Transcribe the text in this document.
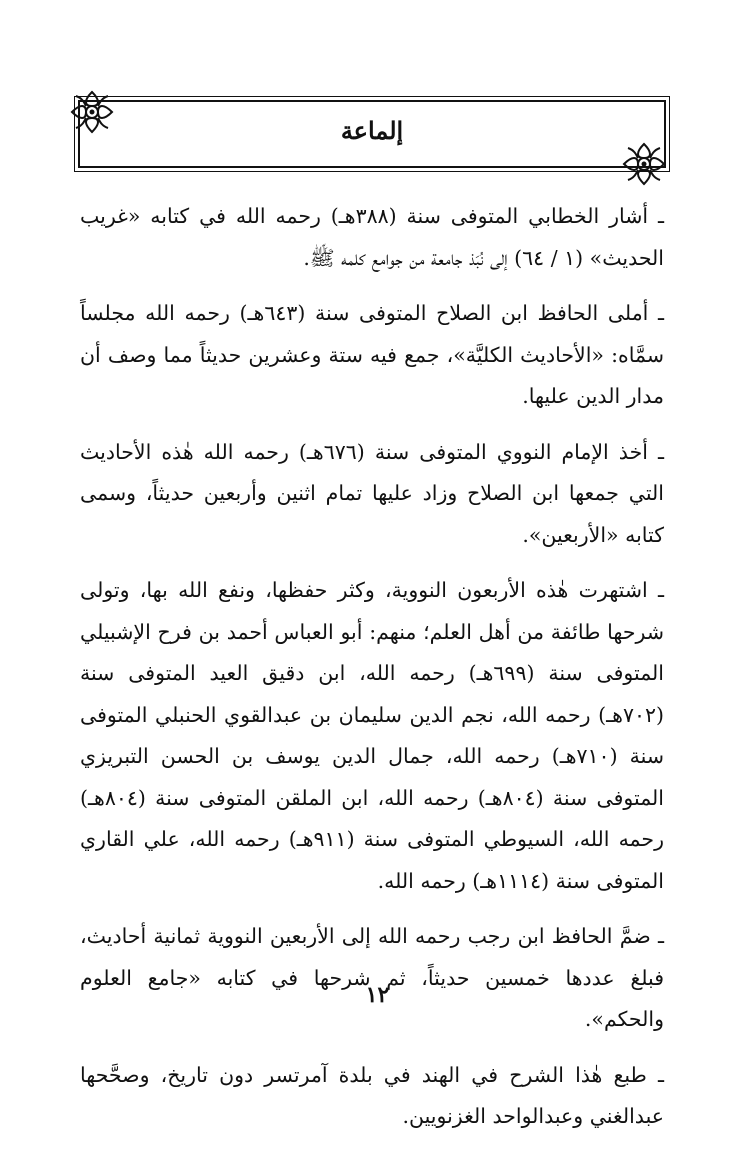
إلماعة

ـ أشار الخطابي المتوفى سنة (٣٨٨هـ) رحمه الله في كتابه «غريب الحديث» (١ / ٦٤) إلى نُبَذ جامعة من جوامع كلمه ﷺ.

ـ أملى الحافظ ابن الصلاح المتوفى سنة (٦٤٣هـ) رحمه الله مجلساً سمَّاه: «الأحاديث الكليَّة»، جمع فيه ستة وعشرين حديثاً مما وصف أن مدار الدين عليها.

ـ أخذ الإمام النووي المتوفى سنة (٦٧٦هـ) رحمه الله هٰذه الأحاديث التي جمعها ابن الصلاح وزاد عليها تمام اثنين وأربعين حديثاً، وسمى كتابه «الأربعين».

ـ اشتهرت هٰذه الأربعون النووية، وكثر حفظها، ونفع الله بها، وتولى شرحها طائفة من أهل العلم؛ منهم: أبو العباس أحمد بن فرح الإشبيلي المتوفى سنة (٦٩٩هـ) رحمه الله، ابن دقيق العيد المتوفى سنة (٧٠٢هـ) رحمه الله، نجم الدين سليمان بن عبدالقوي الحنبلي المتوفى سنة (٧١٠هـ) رحمه الله، جمال الدين يوسف بن الحسن التبريزي المتوفى سنة (٨٠٤هـ) رحمه الله، ابن الملقن المتوفى سنة (٨٠٤هـ) رحمه الله، السيوطي المتوفى سنة (٩١١هـ) رحمه الله، علي القاري المتوفى سنة (١١١٤هـ) رحمه الله.

ـ ضمَّ الحافظ ابن رجب رحمه الله إلى الأربعين النووية ثمانية أحاديث، فبلغ عددها خمسين حديثاً، ثم شرحها في كتابه «جامع العلوم والحكم».

ـ طبع هٰذا الشرح في الهند في بلدة آمرتسر دون تاريخ، وصحَّحها عبدالغني وعبدالواحد الغزنويين.

١٢
